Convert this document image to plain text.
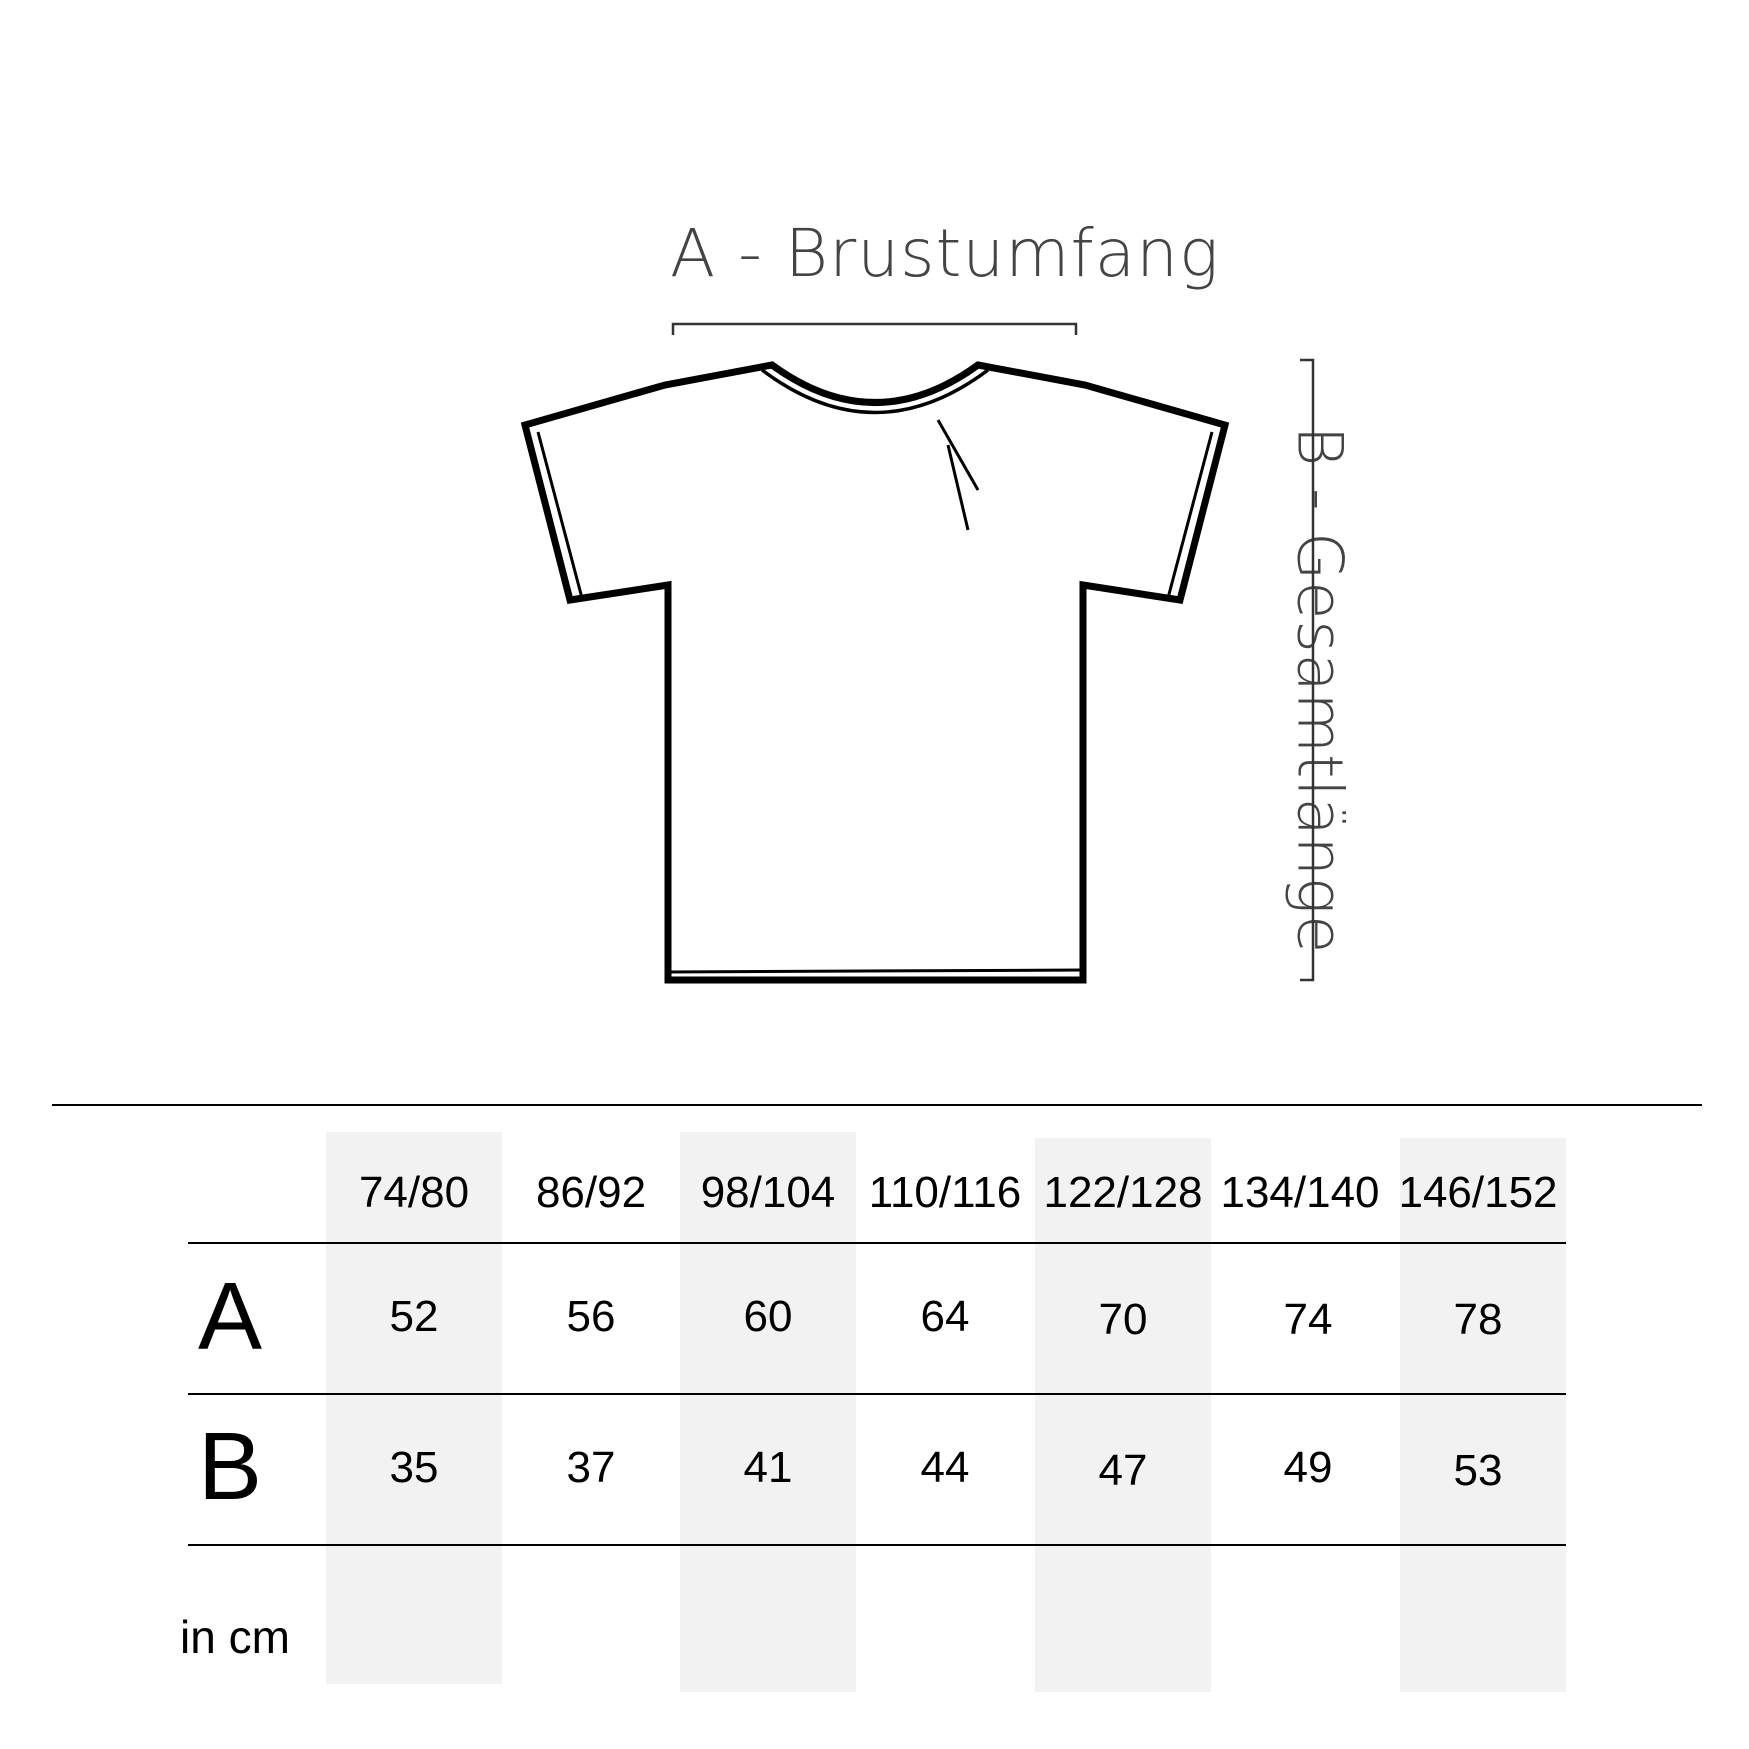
A - Brustumfang
B - Gesamtlänge
74/80	86/92	98/104 110/116 122/128 134/140 146/152
A	52	56	60	64	70	74	78
B	35	37	41	44	47	49	53
in cm
